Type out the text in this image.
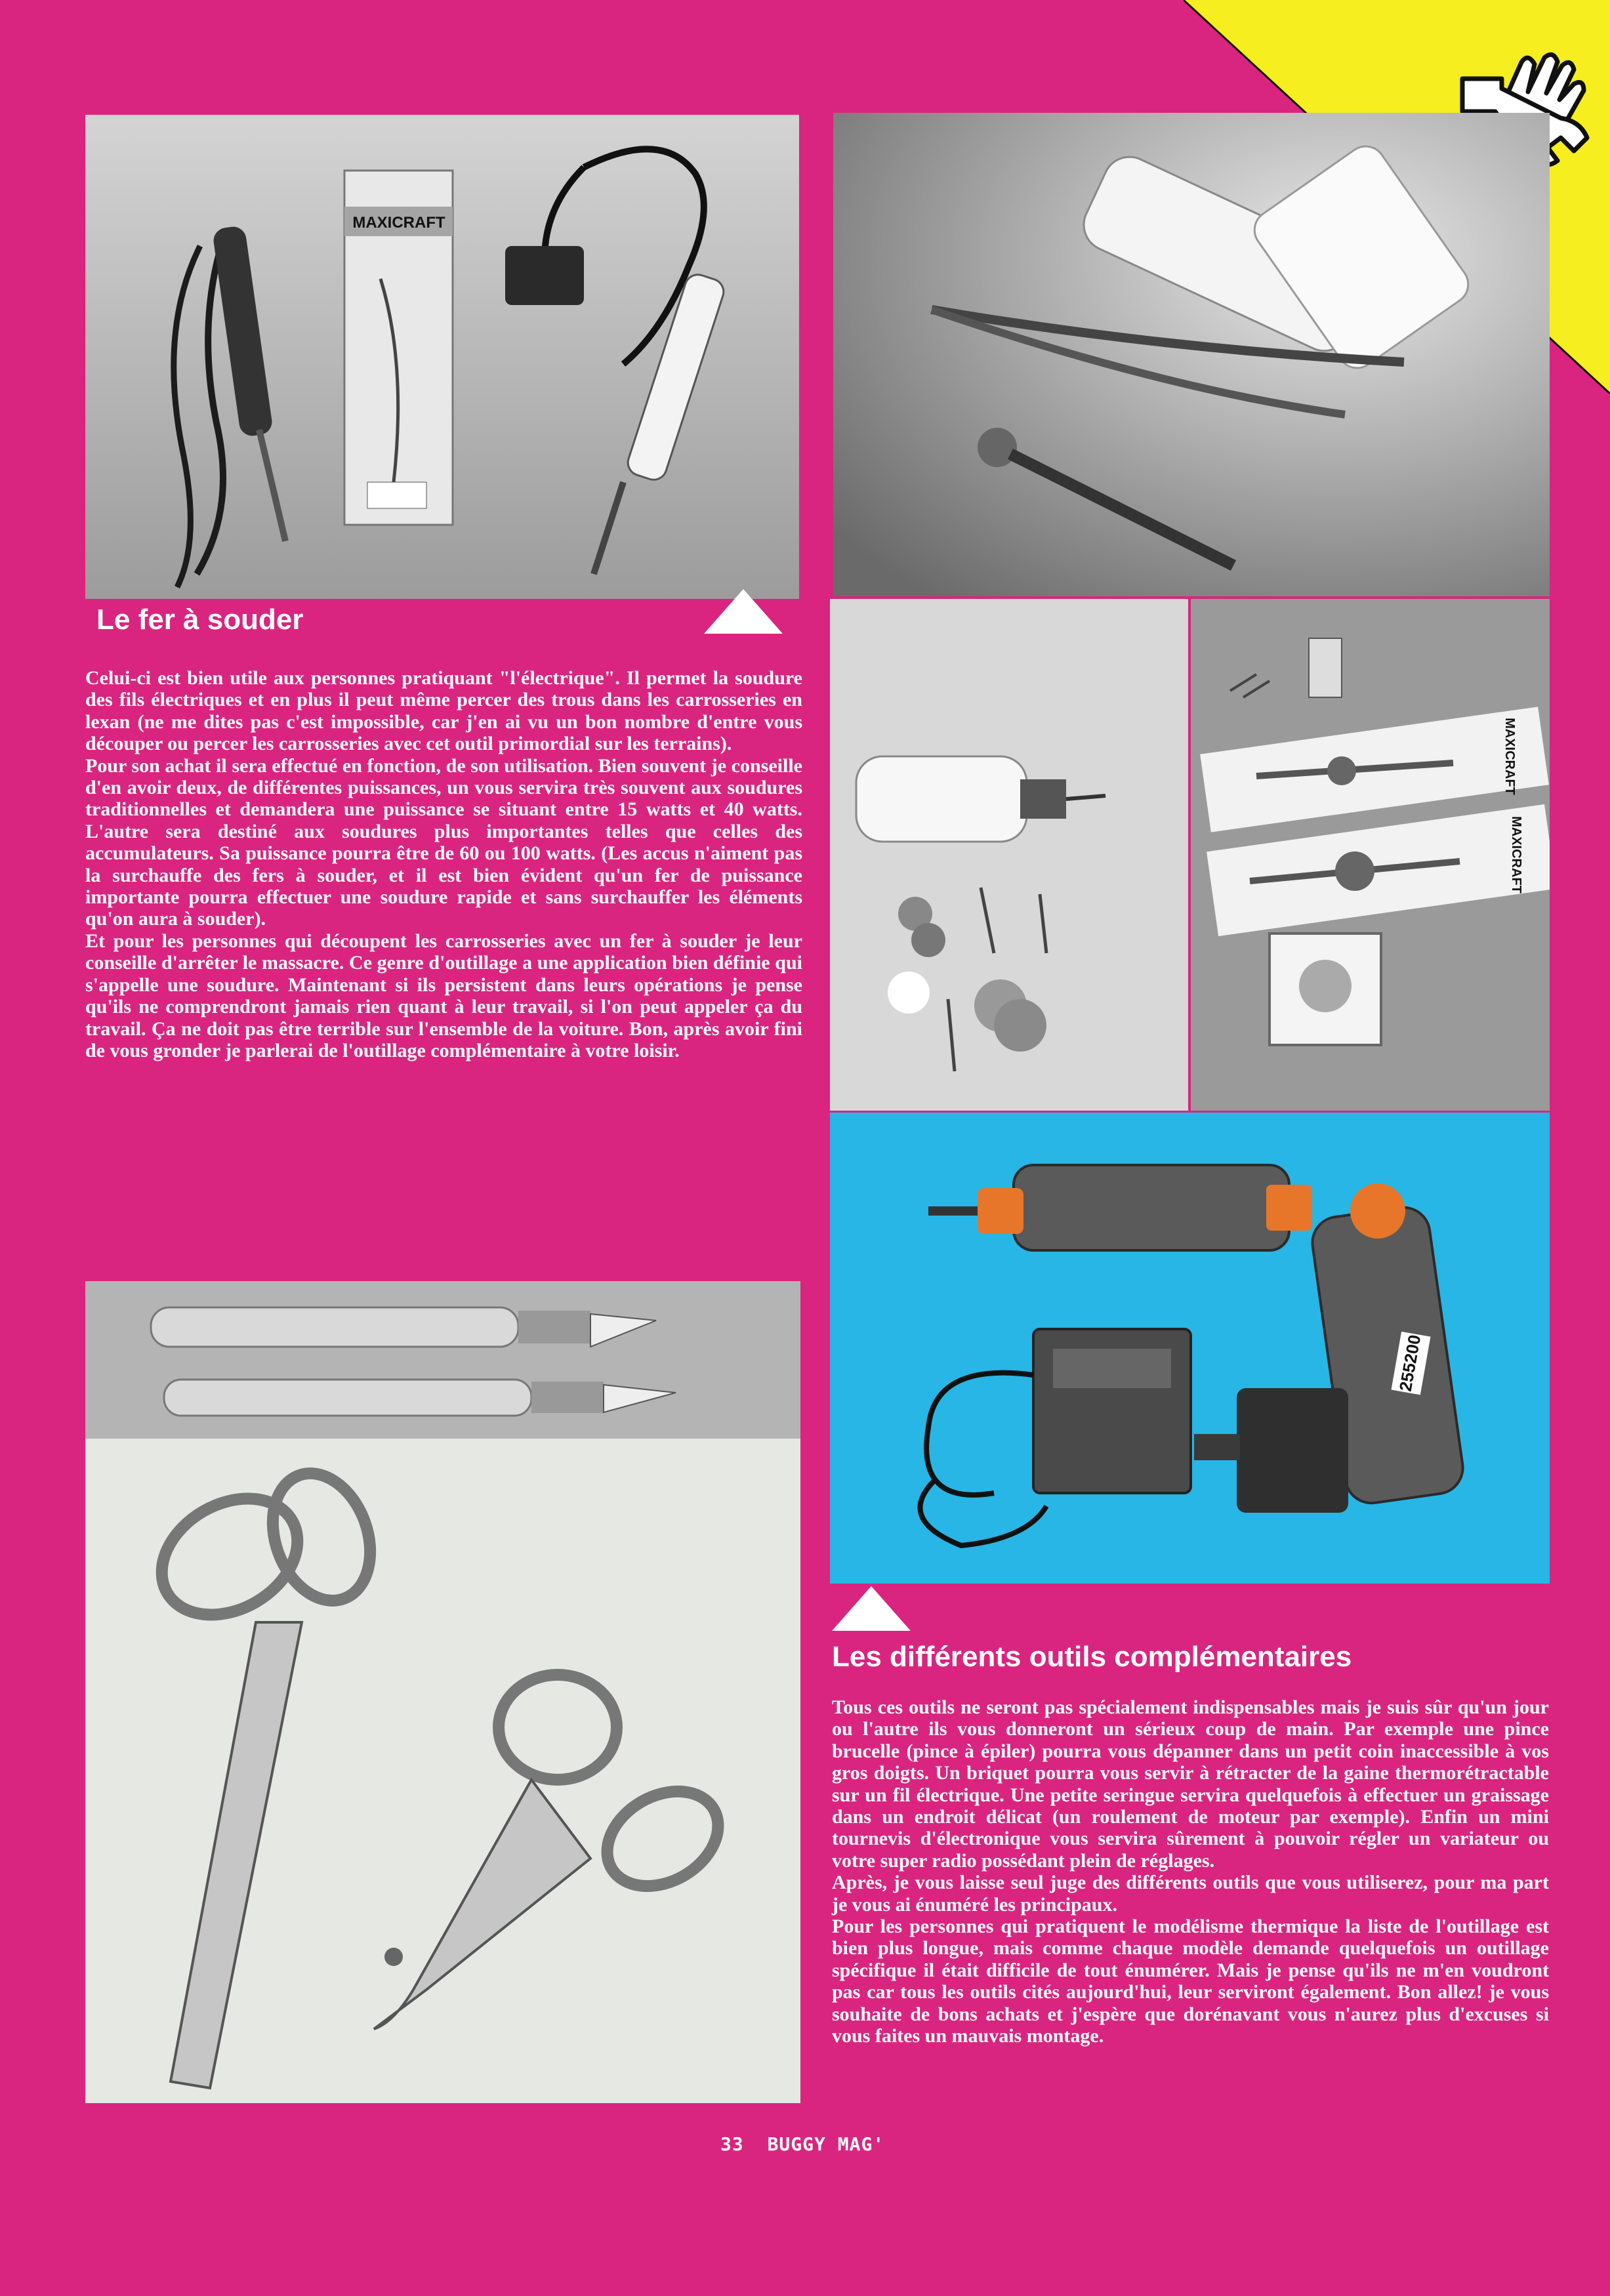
MAXICRAFT
MAXICRAFT
MAXICRAFT
255200
Le fer à souder

Celui-ci est bien utile aux personnes pratiquant "l'électrique". Il permet la soudure des fils électriques et en plus il peut même percer des trous dans les carrosseries en lexan (ne me dites pas c'est impossible, car j'en ai vu un bon nombre d'entre vous découper ou percer les carrosseries avec cet outil primordial sur les terrains).

Pour son achat il sera effectué en fonction, de son utilisation. Bien souvent je conseille d'en avoir deux, de différentes puissances, un vous servira très souvent aux soudures traditionnelles et demandera une puissance se situant entre 15 watts et 40 watts. L'autre sera destiné aux soudures plus importantes telles que celles des accumulateurs. Sa puissance pourra être de 60 ou 100 watts. (Les accus n'aiment pas la surchauffe des fers à souder, et il est bien évident qu'un fer de puissance importante pourra effectuer une soudure rapide et sans surchauffer les éléments qu'on aura à souder).

Et pour les personnes qui découpent les carrosseries avec un fer à souder je leur conseille d'arrêter le massacre. Ce genre d'outillage a une application bien définie qui s'appelle une soudure. Maintenant si ils persistent dans leurs opérations je pense qu'ils ne comprendront jamais rien quant à leur travail, si l'on peut appeler ça du travail. Ça ne doit pas être terrible sur l'ensemble de la voiture. Bon, après avoir fini de vous gronder je parlerai de l'outillage complémentaire à votre loisir.

Les différents outils complémentaires

Tous ces outils ne seront pas spécialement indispensables mais je suis sûr qu'un jour ou l'autre ils vous donneront un sérieux coup de main. Par exemple une pince brucelle (pince à épiler) pourra vous dépanner dans un petit coin inaccessible à vos gros doigts. Un briquet pourra vous servir à rétracter de la gaine thermorétractable sur un fil électrique. Une petite seringue servira quelquefois à effectuer un graissage dans un endroit délicat (un roulement de moteur par exemple). Enfin un mini tournevis d'électronique vous servira sûrement à pouvoir régler un variateur ou votre super radio possédant plein de réglages.

Après, je vous laisse seul juge des différents outils que vous utiliserez, pour ma part je vous ai énuméré les principaux.

Pour les personnes qui pratiquent le modélisme thermique la liste de l'outillage est bien plus longue, mais comme chaque modèle demande quelquefois un outillage spécifique il était difficile de tout énumérer. Mais je pense qu'ils ne m'en voudront pas car tous les outils cités aujourd'hui, leur serviront également. Bon allez! je vous souhaite de bons achats et j'espère que dorénavant vous n'aurez plus d'excuses si vous faites un mauvais montage.

33 BUGGY MAG'
